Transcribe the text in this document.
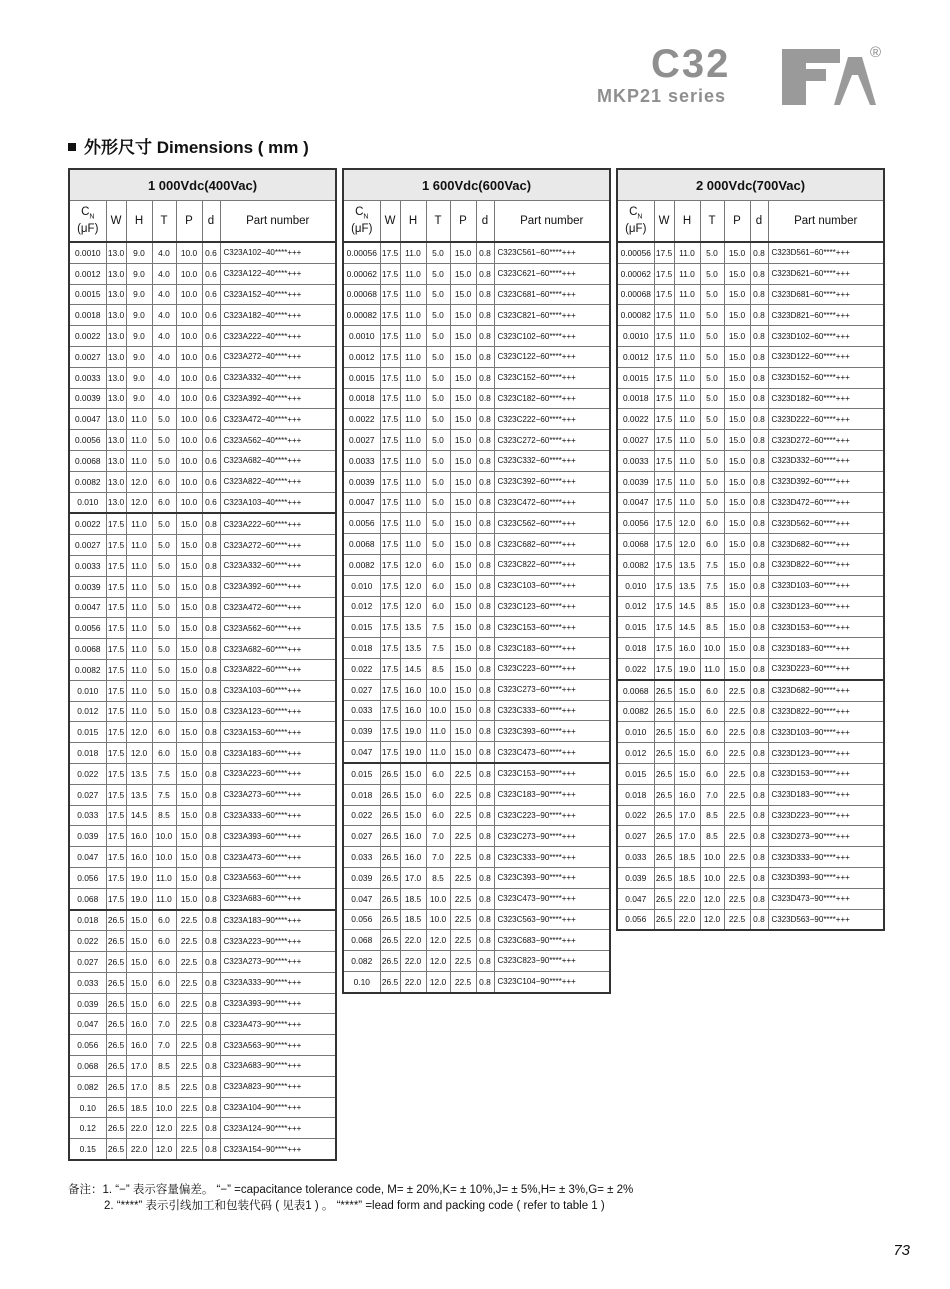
C32
MKP21 series
®
外形尺寸 Dimensions ( mm )
1 000Vdc(400Vac)						
$C_N$
(μF)	W	H	T	P	d	Part number
0.0010	13.0	9.0	4.0	10.0	0.6	C323A102−40****+++
0.0012	13.0	9.0	4.0	10.0	0.6	C323A122−40****+++
0.0015	13.0	9.0	4.0	10.0	0.6	C323A152−40****+++
0.0018	13.0	9.0	4.0	10.0	0.6	C323A182−40****+++
0.0022	13.0	9.0	4.0	10.0	0.6	C323A222−40****+++
0.0027	13.0	9.0	4.0	10.0	0.6	C323A272−40****+++
0.0033	13.0	9.0	4.0	10.0	0.6	C323A332−40****+++
0.0039	13.0	9.0	4.0	10.0	0.6	C323A392−40****+++
0.0047	13.0	11.0	5.0	10.0	0.6	C323A472−40****+++
0.0056	13.0	11.0	5.0	10.0	0.6	C323A562−40****+++
0.0068	13.0	11.0	5.0	10.0	0.6	C323A682−40****+++
0.0082	13.0	12.0	6.0	10.0	0.6	C323A822−40****+++
0.010	13.0	12.0	6.0	10.0	0.6	C323A103−40****+++
0.0022	17.5	11.0	5.0	15.0	0.8	C323A222−60****+++
0.0027	17.5	11.0	5.0	15.0	0.8	C323A272−60****+++
0.0033	17.5	11.0	5.0	15.0	0.8	C323A332−60****+++
0.0039	17.5	11.0	5.0	15.0	0.8	C323A392−60****+++
0.0047	17.5	11.0	5.0	15.0	0.8	C323A472−60****+++
0.0056	17.5	11.0	5.0	15.0	0.8	C323A562−60****+++
0.0068	17.5	11.0	5.0	15.0	0.8	C323A682−60****+++
0.0082	17.5	11.0	5.0	15.0	0.8	C323A822−60****+++
0.010	17.5	11.0	5.0	15.0	0.8	C323A103−60****+++
0.012	17.5	11.0	5.0	15.0	0.8	C323A123−60****+++
0.015	17.5	12.0	6.0	15.0	0.8	C323A153−60****+++
0.018	17.5	12.0	6.0	15.0	0.8	C323A183−60****+++
0.022	17.5	13.5	7.5	15.0	0.8	C323A223−60****+++
0.027	17.5	13.5	7.5	15.0	0.8	C323A273−60****+++
0.033	17.5	14.5	8.5	15.0	0.8	C323A333−60****+++
0.039	17.5	16.0	10.0	15.0	0.8	C323A393−60****+++
0.047	17.5	16.0	10.0	15.0	0.8	C323A473−60****+++
0.056	17.5	19.0	11.0	15.0	0.8	C323A563−60****+++
0.068	17.5	19.0	11.0	15.0	0.8	C323A683−60****+++
0.018	26.5	15.0	6.0	22.5	0.8	C323A183−90****+++
0.022	26.5	15.0	6.0	22.5	0.8	C323A223−90****+++
0.027	26.5	15.0	6.0	22.5	0.8	C323A273−90****+++
0.033	26.5	15.0	6.0	22.5	0.8	C323A333−90****+++
0.039	26.5	15.0	6.0	22.5	0.8	C323A393−90****+++
0.047	26.5	16.0	7.0	22.5	0.8	C323A473−90****+++
0.056	26.5	16.0	7.0	22.5	0.8	C323A563−90****+++
0.068	26.5	17.0	8.5	22.5	0.8	C323A683−90****+++
0.082	26.5	17.0	8.5	22.5	0.8	C323A823−90****+++
0.10	26.5	18.5	10.0	22.5	0.8	C323A104−90****+++
0.12	26.5	22.0	12.0	22.5	0.8	C323A124−90****+++
0.15	26.5	22.0	12.0	22.5	0.8	C323A154−90****+++
1 600Vdc(600Vac)						
$C_N$
(μF)	W	H	T	P	d	Part number
0.00056	17.5	11.0	5.0	15.0	0.8	C323C561−60****+++
0.00062	17.5	11.0	5.0	15.0	0.8	C323C621−60****+++
0.00068	17.5	11.0	5.0	15.0	0.8	C323C681−60****+++
0.00082	17.5	11.0	5.0	15.0	0.8	C323C821−60****+++
0.0010	17.5	11.0	5.0	15.0	0.8	C323C102−60****+++
0.0012	17.5	11.0	5.0	15.0	0.8	C323C122−60****+++
0.0015	17.5	11.0	5.0	15.0	0.8	C323C152−60****+++
0.0018	17.5	11.0	5.0	15.0	0.8	C323C182−60****+++
0.0022	17.5	11.0	5.0	15.0	0.8	C323C222−60****+++
0.0027	17.5	11.0	5.0	15.0	0.8	C323C272−60****+++
0.0033	17.5	11.0	5.0	15.0	0.8	C323C332−60****+++
0.0039	17.5	11.0	5.0	15.0	0.8	C323C392−60****+++
0.0047	17.5	11.0	5.0	15.0	0.8	C323C472−60****+++
0.0056	17.5	11.0	5.0	15.0	0.8	C323C562−60****+++
0.0068	17.5	11.0	5.0	15.0	0.8	C323C682−60****+++
0.0082	17.5	12.0	6.0	15.0	0.8	C323C822−60****+++
0.010	17.5	12.0	6.0	15.0	0.8	C323C103−60****+++
0.012	17.5	12.0	6.0	15.0	0.8	C323C123−60****+++
0.015	17.5	13.5	7.5	15.0	0.8	C323C153−60****+++
0.018	17.5	13.5	7.5	15.0	0.8	C323C183−60****+++
0.022	17.5	14.5	8.5	15.0	0.8	C323C223−60****+++
0.027	17.5	16.0	10.0	15.0	0.8	C323C273−60****+++
0.033	17.5	16.0	10.0	15.0	0.8	C323C333−60****+++
0.039	17.5	19.0	11.0	15.0	0.8	C323C393−60****+++
0.047	17.5	19.0	11.0	15.0	0.8	C323C473−60****+++
0.015	26.5	15.0	6.0	22.5	0.8	C323C153−90****+++
0.018	26.5	15.0	6.0	22.5	0.8	C323C183−90****+++
0.022	26.5	15.0	6.0	22.5	0.8	C323C223−90****+++
0.027	26.5	16.0	7.0	22.5	0.8	C323C273−90****+++
0.033	26.5	16.0	7.0	22.5	0.8	C323C333−90****+++
0.039	26.5	17.0	8.5	22.5	0.8	C323C393−90****+++
0.047	26.5	18.5	10.0	22.5	0.8	C323C473−90****+++
0.056	26.5	18.5	10.0	22.5	0.8	C323C563−90****+++
0.068	26.5	22.0	12.0	22.5	0.8	C323C683−90****+++
0.082	26.5	22.0	12.0	22.5	0.8	C323C823−90****+++
0.10	26.5	22.0	12.0	22.5	0.8	C323C104−90****+++
2 000Vdc(700Vac)						
$C_N$
(μF)	W	H	T	P	d	Part number
0.00056	17.5	11.0	5.0	15.0	0.8	C323D561−60****+++
0.00062	17.5	11.0	5.0	15.0	0.8	C323D621−60****+++
0.00068	17.5	11.0	5.0	15.0	0.8	C323D681−60****+++
0.00082	17.5	11.0	5.0	15.0	0.8	C323D821−60****+++
0.0010	17.5	11.0	5.0	15.0	0.8	C323D102−60****+++
0.0012	17.5	11.0	5.0	15.0	0.8	C323D122−60****+++
0.0015	17.5	11.0	5.0	15.0	0.8	C323D152−60****+++
0.0018	17.5	11.0	5.0	15.0	0.8	C323D182−60****+++
0.0022	17.5	11.0	5.0	15.0	0.8	C323D222−60****+++
0.0027	17.5	11.0	5.0	15.0	0.8	C323D272−60****+++
0.0033	17.5	11.0	5.0	15.0	0.8	C323D332−60****+++
0.0039	17.5	11.0	5.0	15.0	0.8	C323D392−60****+++
0.0047	17.5	11.0	5.0	15.0	0.8	C323D472−60****+++
0.0056	17.5	12.0	6.0	15.0	0.8	C323D562−60****+++
0.0068	17.5	12.0	6.0	15.0	0.8	C323D682−60****+++
0.0082	17.5	13.5	7.5	15.0	0.8	C323D822−60****+++
0.010	17.5	13.5	7.5	15.0	0.8	C323D103−60****+++
0.012	17.5	14.5	8.5	15.0	0.8	C323D123−60****+++
0.015	17.5	14.5	8.5	15.0	0.8	C323D153−60****+++
0.018	17.5	16.0	10.0	15.0	0.8	C323D183−60****+++
0.022	17.5	19.0	11.0	15.0	0.8	C323D223−60****+++
0.0068	26.5	15.0	6.0	22.5	0.8	C323D682−90****+++
0.0082	26.5	15.0	6.0	22.5	0.8	C323D822−90****+++
0.010	26.5	15.0	6.0	22.5	0.8	C323D103−90****+++
0.012	26.5	15.0	6.0	22.5	0.8	C323D123−90****+++
0.015	26.5	15.0	6.0	22.5	0.8	C323D153−90****+++
0.018	26.5	16.0	7.0	22.5	0.8	C323D183−90****+++
0.022	26.5	17.0	8.5	22.5	0.8	C323D223−90****+++
0.027	26.5	17.0	8.5	22.5	0.8	C323D273−90****+++
0.033	26.5	18.5	10.0	22.5	0.8	C323D333−90****+++
0.039	26.5	18.5	10.0	22.5	0.8	C323D393−90****+++
0.047	26.5	22.0	12.0	22.5	0.8	C323D473−90****+++
0.056	26.5	22.0	12.0	22.5	0.8	C323D563−90****+++
备注：1. “−” 表示容量偏差。 “−” =capacitance tolerance code, M= ± 20%,K= ± 10%,J= ± 5%,H= ± 3%,G= ± 2%
2. “****” 表示引线加工和包装代码 ( 见表1 ) 。 “****” =lead form and packing code ( refer to table 1 )
73
